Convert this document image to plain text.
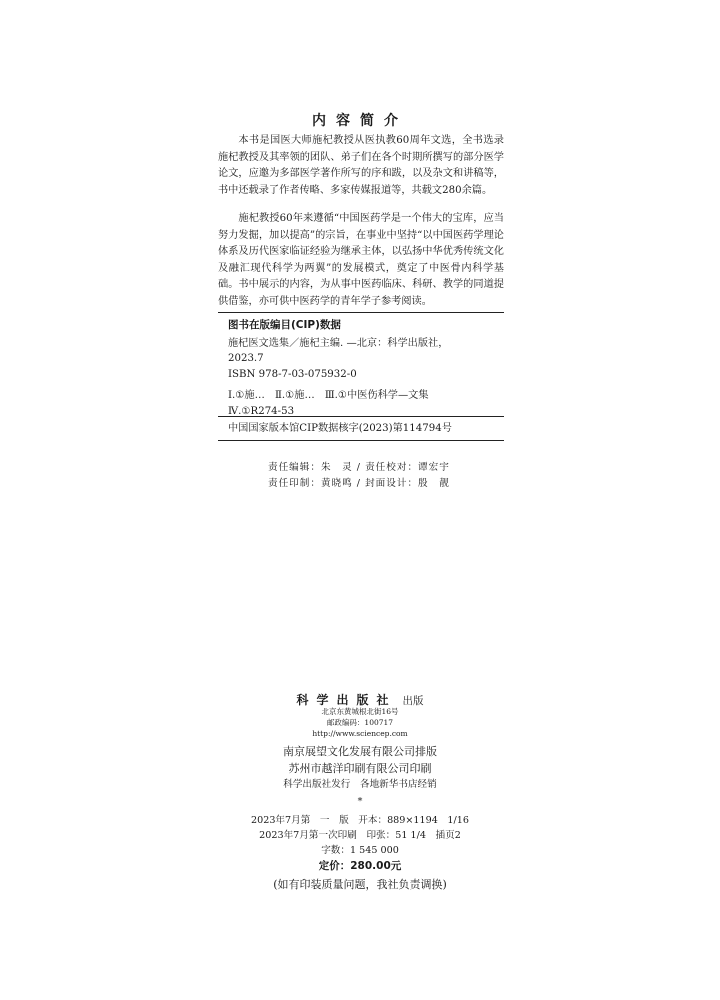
内容简介

本书是国医大师施杞教授从医执教60周年文选，全书选录施杞教授及其率领的团队、弟子们在各个时期所撰写的部分医学论文，应邀为多部医学著作所写的序和跋，以及杂文和讲稿等，书中还载录了作者传略、多家传媒报道等，共载文280余篇。

施杞教授60年来遵循“中国医药学是一个伟大的宝库，应当努力发掘，加以提高”的宗旨，在事业中坚持“以中国医药学理论体系及历代医家临证经验为继承主体，以弘扬中华优秀传统文化及融汇现代科学为两翼”的发展模式，奠定了中医骨内科学基础。书中展示的内容，为从事中医药临床、科研、教学的同道提供借鉴，亦可供中医药学的青年学子参考阅读。

图书在版编目(CIP)数据
施杞医文选集／施杞主编. —北京：科学出版社，
2023.7
ISBN 978-7-03-075932-0
Ⅰ.①施…　Ⅱ.①施…　Ⅲ.①中医伤科学—文集
Ⅳ.①R274-53
中国国家版本馆CIP数据核字(2023)第114794号
责任编辑：朱　灵 / 责任校对：谭宏宇
责任印制：黄晓鸣 / 封面设计：殷　靓
科学出版社 出版
北京东黄城根北街16号
邮政编码：100717
http://www.sciencep.com
南京展望文化发展有限公司排版
苏州市越洋印刷有限公司印刷
科学出版社发行　各地新华书店经销
*
2023年7月第　一　版　开本：889×1194　1/16
2023年7月第一次印刷　印张：51 1/4　插页2
字数：1 545 000
定价：280.00元
(如有印装质量问题，我社负责调换)
